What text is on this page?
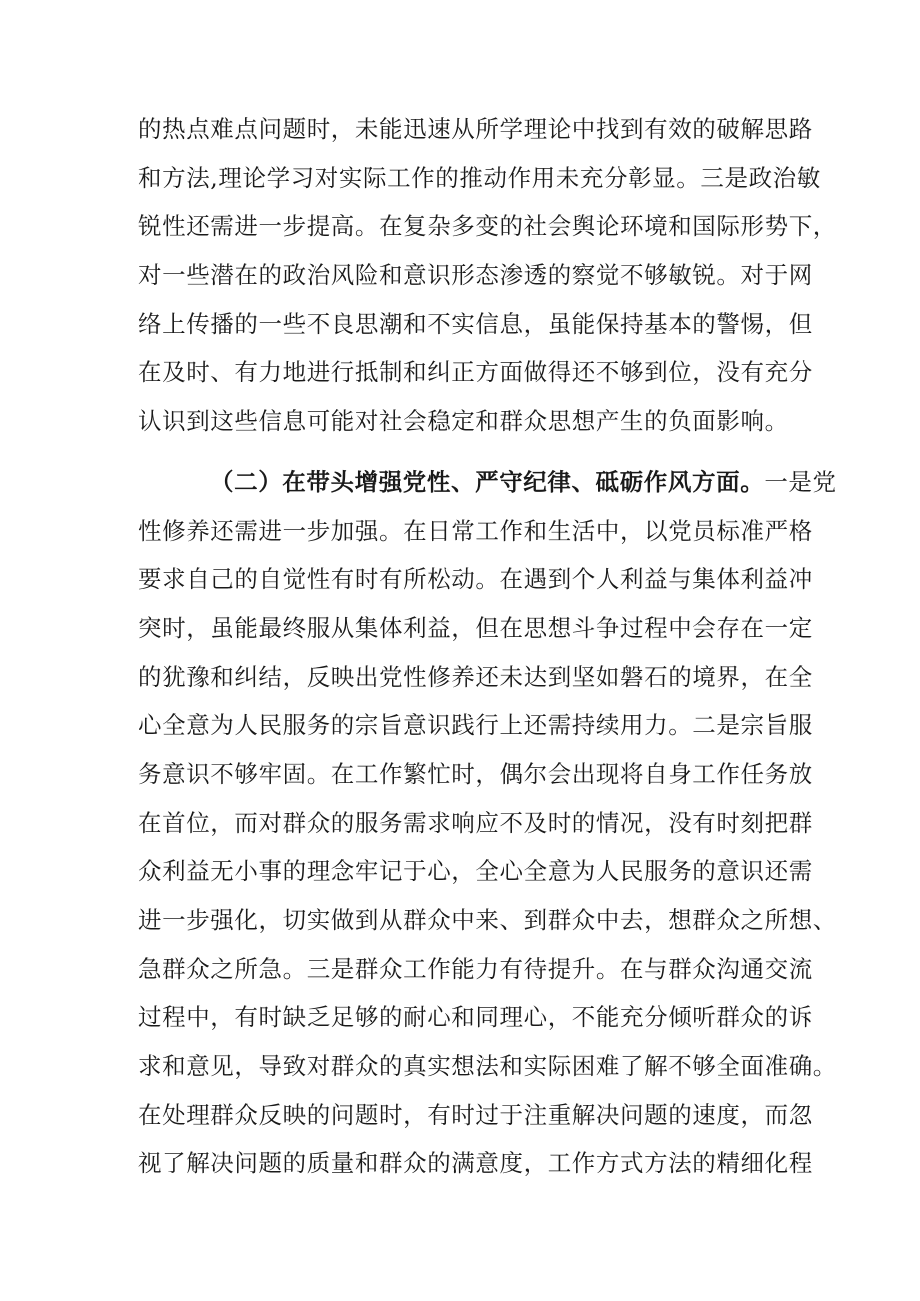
的热点难点问题时，未能迅速从所学理论中找到有效的破解思路
和方法,理论学习对实际工作的推动作用未充分彰显。三是政治敏
锐性还需进一步提高。在复杂多变的社会舆论环境和国际形势下，
对一些潜在的政治风险和意识形态渗透的察觉不够敏锐。对于网
络上传播的一些不良思潮和不实信息，虽能保持基本的警惕，但
在及时、有力地进行抵制和纠正方面做得还不够到位，没有充分
认识到这些信息可能对社会稳定和群众思想产生的负面影响。
（二）在带头增强党性、严守纪律、砥砺作风方面。一是党
性修养还需进一步加强。在日常工作和生活中，以党员标准严格
要求自己的自觉性有时有所松动。在遇到个人利益与集体利益冲
突时，虽能最终服从集体利益，但在思想斗争过程中会存在一定
的犹豫和纠结，反映出党性修养还未达到坚如磐石的境界，在全
心全意为人民服务的宗旨意识践行上还需持续用力。二是宗旨服
务意识不够牢固。在工作繁忙时，偶尔会出现将自身工作任务放
在首位，而对群众的服务需求响应不及时的情况，没有时刻把群
众利益无小事的理念牢记于心，全心全意为人民服务的意识还需
进一步强化，切实做到从群众中来、到群众中去，想群众之所想、
急群众之所急。三是群众工作能力有待提升。在与群众沟通交流
过程中，有时缺乏足够的耐心和同理心，不能充分倾听群众的诉
求和意见，导致对群众的真实想法和实际困难了解不够全面准确。
在处理群众反映的问题时，有时过于注重解决问题的速度，而忽
视了解决问题的质量和群众的满意度，工作方式方法的精细化程
